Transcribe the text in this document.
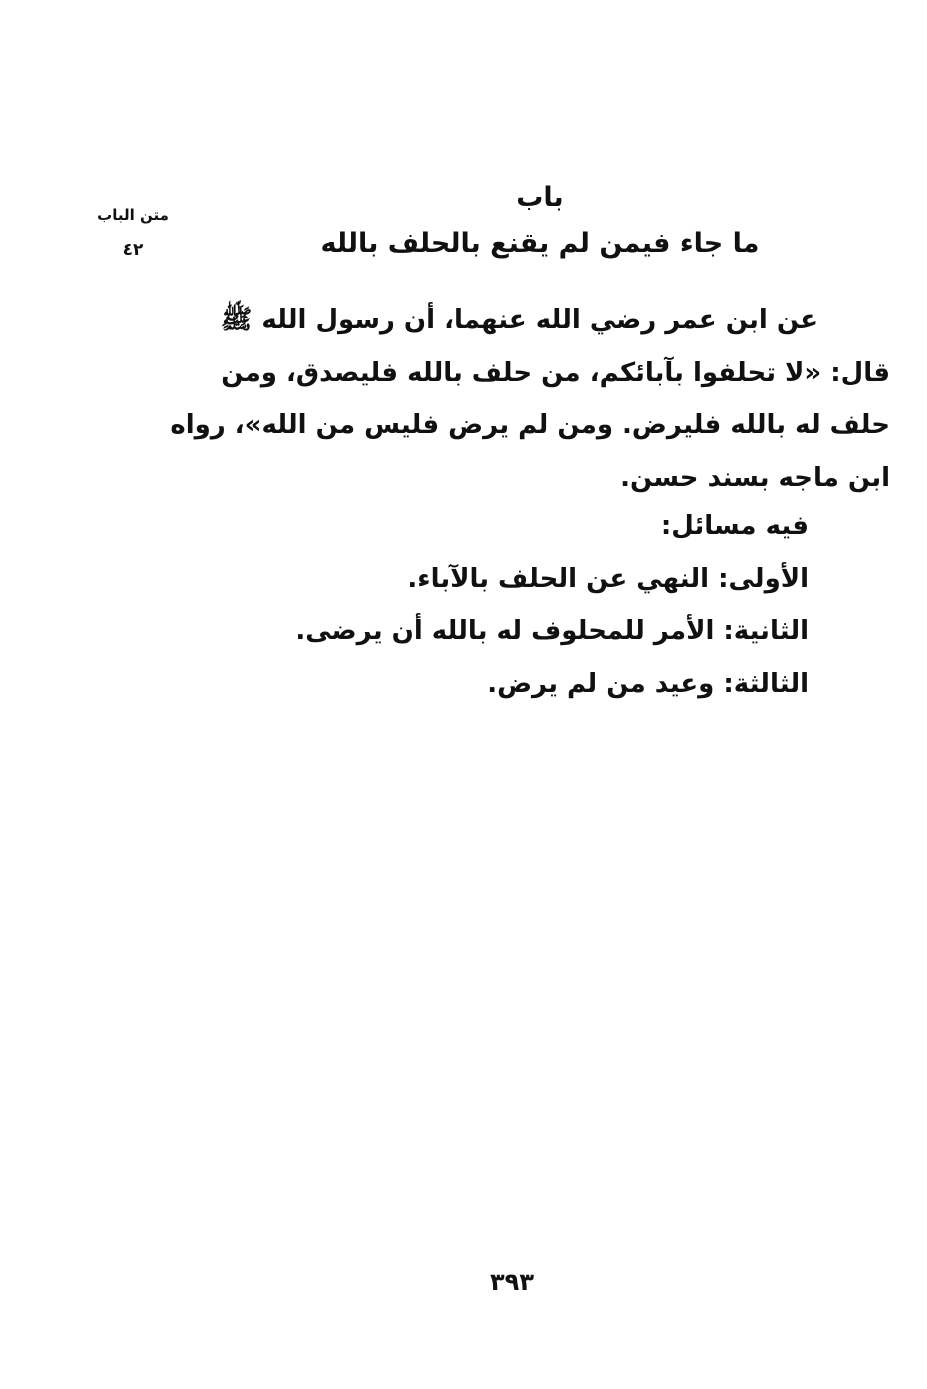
متن الباب
٤٢
باب
ما جاء فيمن لم يقنع بالحلف بالله
عن ابن عمر رضي الله عنهما، أن رسول الله ﷺ
قال: «لا تحلفوا بآبائكم، من حلف بالله فليصدق، ومن
حلف له بالله فليرض. ومن لم يرض فليس من الله»، رواه
ابن ماجه بسند حسن.
فيه مسائل:
الأولى: النهي عن الحلف بالآباء.
الثانية: الأمر للمحلوف له بالله أن يرضى.
الثالثة: وعيد من لم يرض.
٣٩٣
